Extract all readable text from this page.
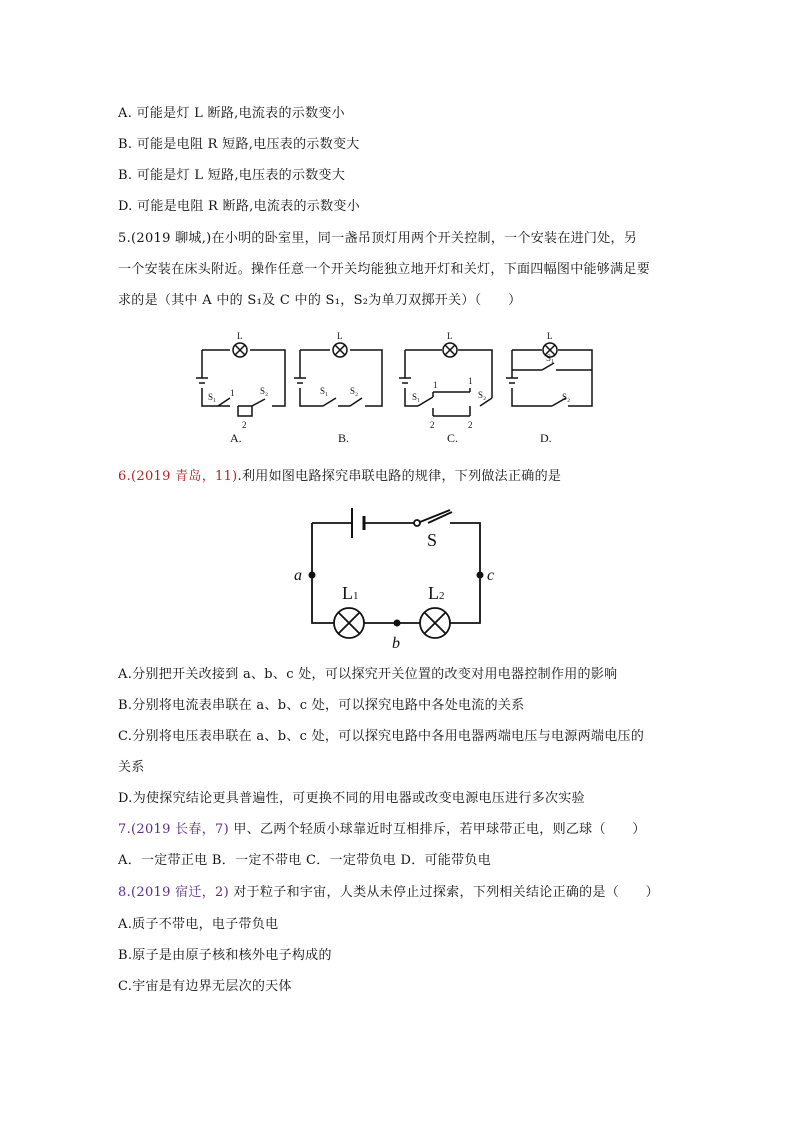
A. 可能是灯 L 断路,电流表的示数变小
B. 可能是电阻 R 短路,电压表的示数变大
B. 可能是灯 L 短路,电压表的示数变大
D. 可能是电阻 R 断路,电流表的示数变小
5.(2019 聊城,)在小明的卧室里，同一盏吊顶灯用两个开关控制，一个安装在进门处，另
一个安装在床头附近。操作任意一个开关均能独立地开灯和关灯，下面四幅图中能够满足要
求的是（其中 A 中的 S₁及 C 中的 S₁，S₂为单刀双掷开关）（　　）
L
S₁ 1	S₂
2
L
S₁ S₂
L
S₁
1	1
S₂
2	2
L
S₁
S₂
A.	B.	C.	D.
6.(2019 青岛，11).利用如图电路探究串联电路的规律，下列做法正确的是
S
L1	L2
a	c
b
A.分别把开关改接到 a、b、c 处，可以探究开关位置的改变对用电器控制作用的影响
B.分别将电流表串联在 a、b、c 处，可以探究电路中各处电流的关系
C.分别将电压表串联在 a、b、c 处，可以探究电路中各用电器两端电压与电源两端电压的
关系
D.为使探究结论更具普遍性，可更换不同的用电器或改变电源电压进行多次实验
7.(2019 长春，7) 甲、乙两个轻质小球靠近时互相排斥，若甲球带正电，则乙球（　　）
A．一定带正电 B．一定不带电 C．一定带负电 D．可能带负电
8.(2019 宿迁，2) 对于粒子和宇宙，人类从未停止过探索，下列相关结论正确的是（　　）
A.质子不带电，电子带负电
B.原子是由原子核和核外电子构成的
C.宇宙是有边界无层次的天体
